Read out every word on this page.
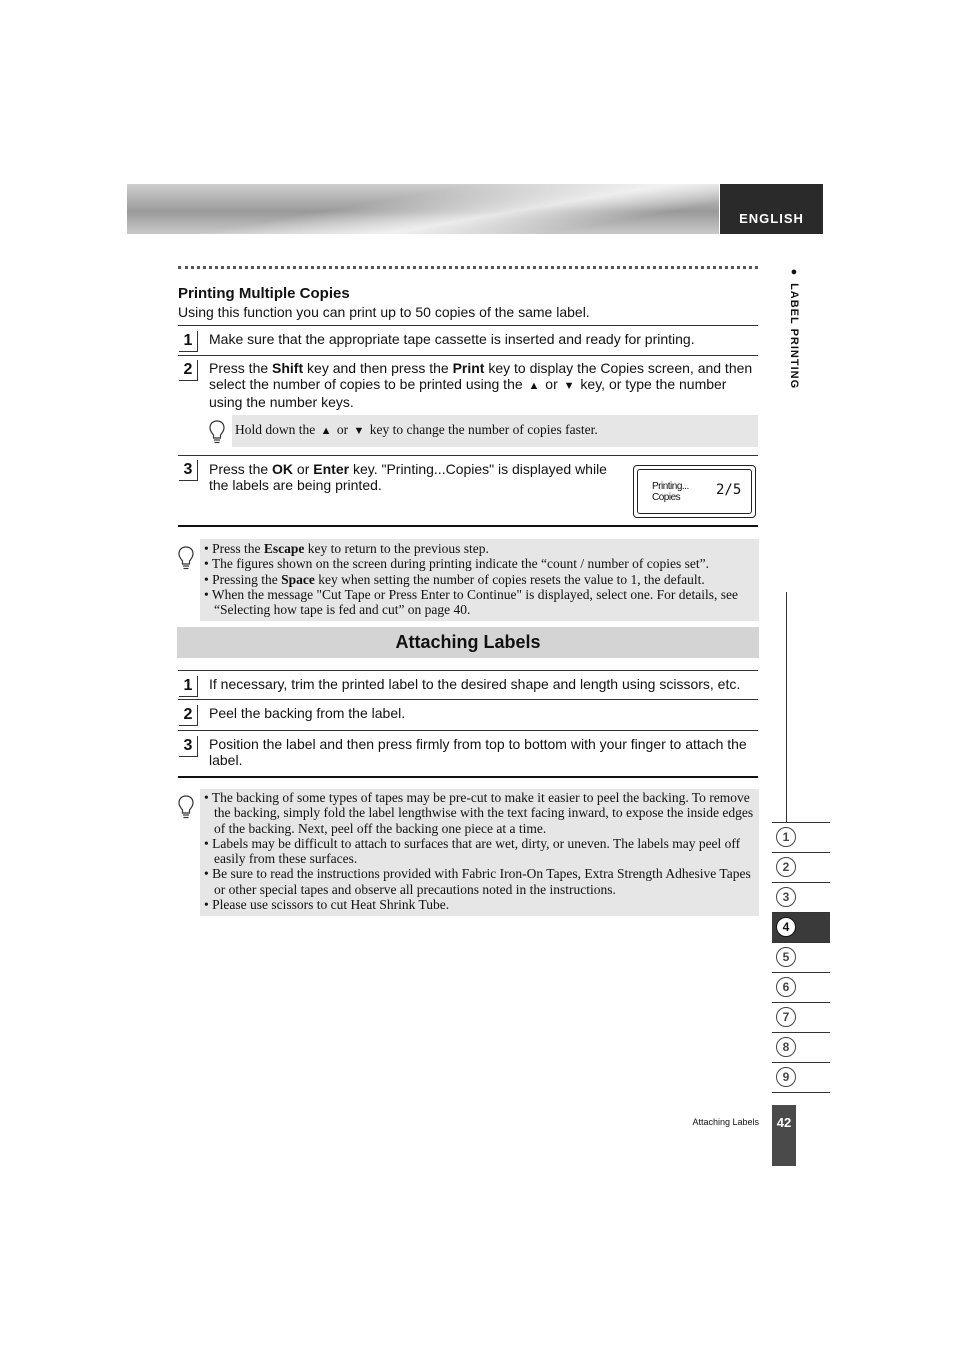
ENGLISH
● LABEL PRINTING
Printing Multiple Copies
Using this function you can print up to 50 copies of the same label.
1	Make sure that the appropriate tape cassette is inserted and ready for printing.
2	Press the Shift key and then press the Print key to display the Copies screen, and then select the number of copies to be printed using the ▲ or ▼ key, or type the number using the number keys.
Hold down the ▲ or ▼ key to change the number of copies faster.
3	Press the OK or Enter key. "Printing...Copies" is displayed while the labels are being printed.	Printing...
Copies	2/5
• Press the Escape key to return to the previous step.
• The figures shown on the screen during printing indicate the “count / number of copies set”.
• Pressing the Space key when setting the number of copies resets the value to 1, the default.
• When the message "Cut Tape or Press Enter to Continue" is displayed, select one. For details, see “Selecting how tape is fed and cut” on page 40.
Attaching Labels
1	If necessary, trim the printed label to the desired shape and length using scissors, etc.
2	Peel the backing from the label.
3	Position the label and then press firmly from top to bottom with your finger to attach the label.
• The backing of some types of tapes may be pre-cut to make it easier to peel the backing. To remove the backing, simply fold the label lengthwise with the text facing inward, to expose the inside edges of the backing. Next, peel off the backing one piece at a time.
• Labels may be difficult to attach to surfaces that are wet, dirty, or uneven. The labels may peel off easily from these surfaces.
• Be sure to read the instructions provided with Fabric Iron-On Tapes, Extra Strength Adhesive Tapes or other special tapes and observe all precautions noted in the instructions.
• Please use scissors to cut Heat Shrink Tube.
1
2
3
4
5
6
7
8
9
Attaching Labels	42
